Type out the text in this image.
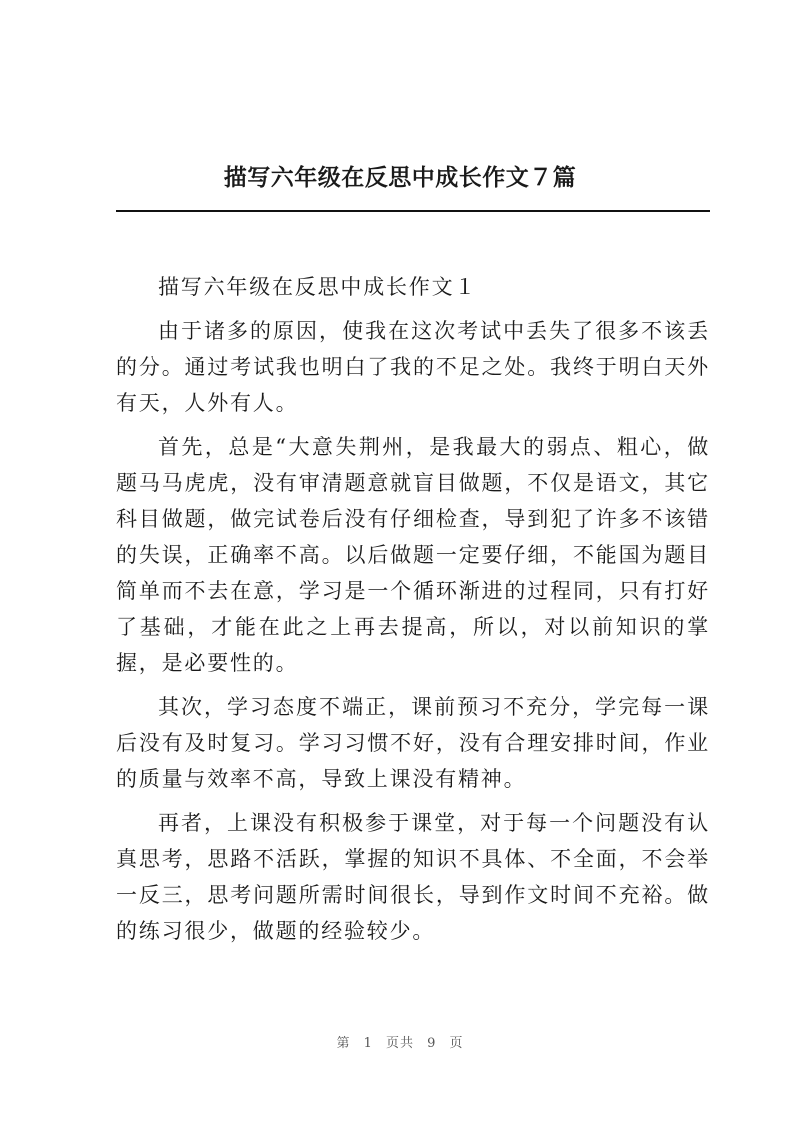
描写六年级在反思中成长作文７篇

描写六年级在反思中成长作文１

由于诸多的原因，使我在这次考试中丢失了很多不该丢的分。通过考试我也明白了我的不足之处。我终于明白天外有天，人外有人。

首先，总是“大意失荆州，是我最大的弱点、粗心，做题马马虎虎，没有审清题意就盲目做题，不仅是语文，其它科目做题，做完试卷后没有仔细检查，导到犯了许多不该错的失误，正确率不高。以后做题一定要仔细，不能国为题目简单而不去在意，学习是一个循环渐进的过程同，只有打好了基础，才能在此之上再去提高，所以，对以前知识的掌握，是必要性的。

其次，学习态度不端正，课前预习不充分，学完每一课后没有及时复习。学习习惯不好，没有合理安排时间，作业的质量与效率不高，导致上课没有精神。

再者，上课没有积极参于课堂，对于每一个问题没有认真思考，思路不活跃，掌握的知识不具体、不全面，不会举一反三，思考问题所需时间很长，导到作文时间不充裕。做的练习很少，做题的经验较少。

第 1 页共 9 页
